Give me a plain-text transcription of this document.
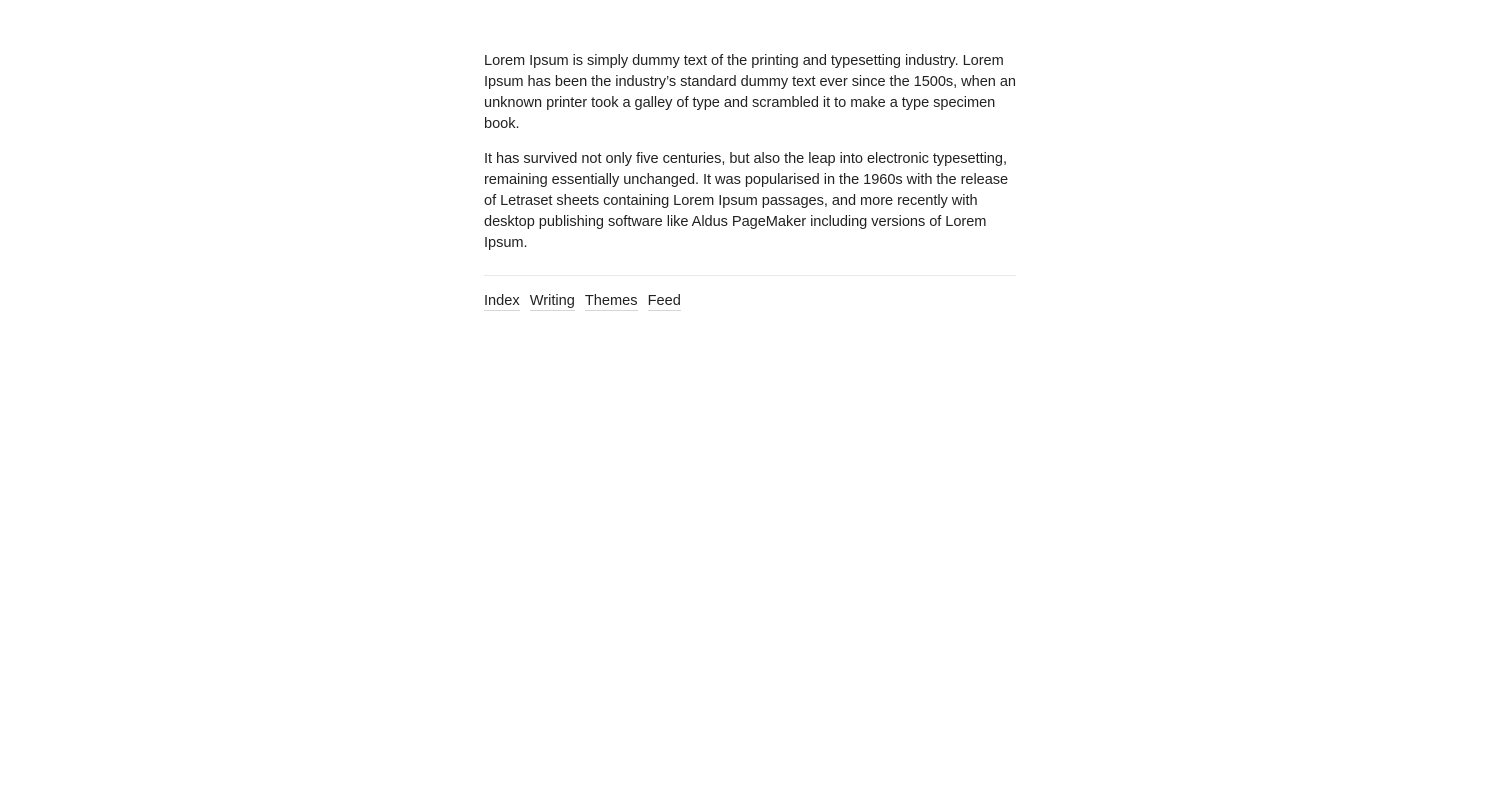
Lorem Ipsum is simply dummy text of the printing and typesetting industry. Lorem Ipsum has been the industry’s standard dummy text ever since the 1500s, when an unknown printer took a galley of type and scrambled it to make a type specimen book.

It has survived not only five centuries, but also the leap into electronic typesetting, remaining essentially unchanged. It was popularised in the 1960s with the release of Letraset sheets containing Lorem Ipsum passages, and more recently with desktop publishing software like Aldus PageMaker including versions of Lorem Ipsum.

Index Writing Themes Feed
